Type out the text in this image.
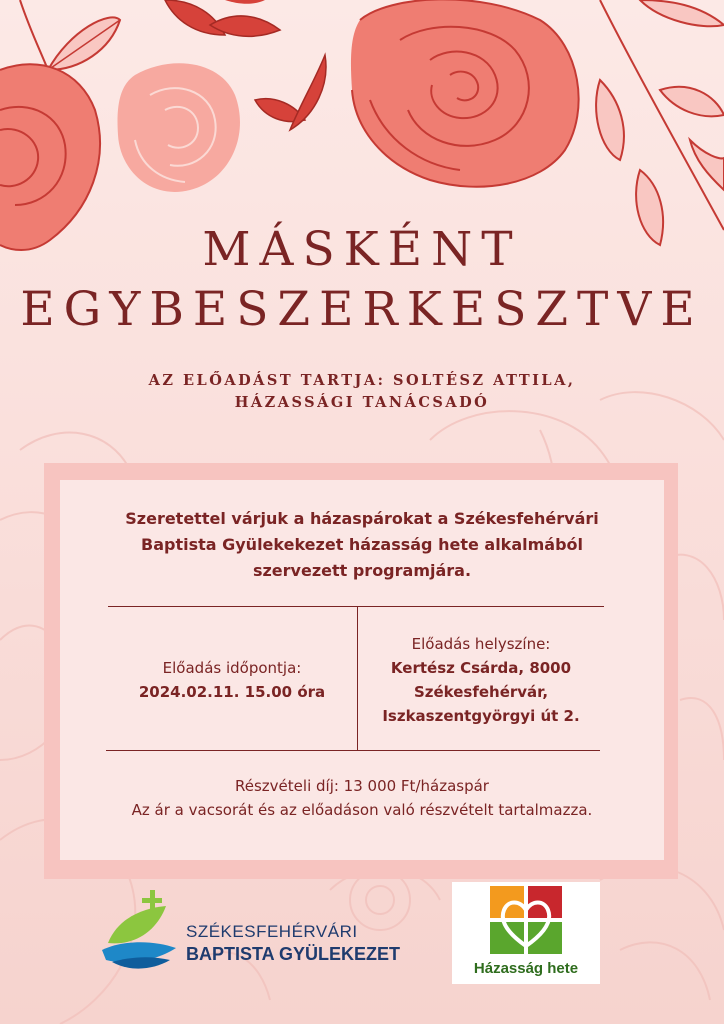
MÁSKÉNT
EGYBESZERKESZTVE
AZ ELŐADÁST TARTJA: SOLTÉSZ ATTILA,
HÁZASSÁGI TANÁCSADÓ
Szeretettel várjuk a házaspárokat a Székesfehérvári
Baptista Gyülekekezet házasság hete alkalmából
szervezett programjára.
Előadás időpontja:
2024.02.11. 15.00 óra
Előadás helyszíne:
Kertész Csárda, 8000
Székesfehérvár,
Iszkaszentgyörgyi út 2.
Részvételi díj: 13 000 Ft/házaspár
Az ár a vacsorát és az előadáson való részvételt tartalmazza.
SZÉKESFEHÉRVÁRI
BAPTISTA GYÜLEKEZET
Házasság hete
